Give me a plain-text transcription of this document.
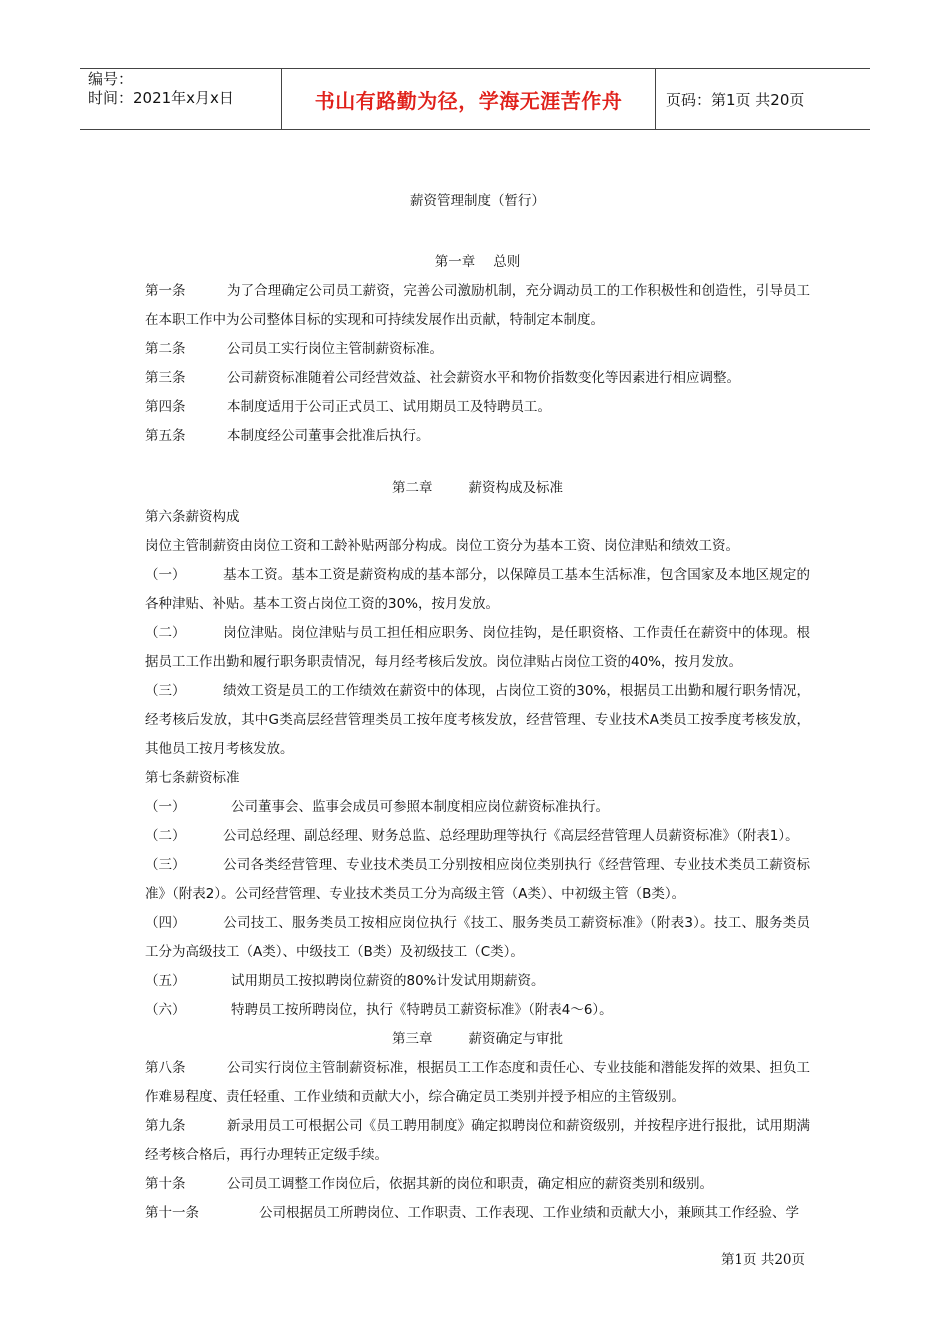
编号：
时间：2021年x月x日	书山有路勤为径，学海无涯苦作舟	页码：第1页 共20页
薪资管理制度（暂行）
第一章 总则
第一条	为了合理确定公司员工薪资，完善公司激励机制，充分调动员工的工作积极性和创造性，引导员工在本职工作中为公司整体目标的实现和可持续发展作出贡献，特制定本制度。
第二条	公司员工实行岗位主管制薪资标准。
第三条	公司薪资标准随着公司经营效益、社会薪资水平和物价指数变化等因素进行相应调整。
第四条	本制度适用于公司正式员工、试用期员工及特聘员工。
第五条	本制度经公司董事会批准后执行。
第二章	薪资构成及标准
第六条薪资构成
岗位主管制薪资由岗位工资和工龄补贴两部分构成。岗位工资分为基本工资、岗位津贴和绩效工资。
（一）	基本工资。基本工资是薪资构成的基本部分，以保障员工基本生活标准，包含国家及本地区规定的各种津贴、补贴。基本工资占岗位工资的30%，按月发放。
（二）	岗位津贴。岗位津贴与员工担任相应职务、岗位挂钩，是任职资格、工作责任在薪资中的体现。根据员工工作出勤和履行职务职责情况，每月经考核后发放。岗位津贴占岗位工资的40%，按月发放。
（三）	绩效工资是员工的工作绩效在薪资中的体现，占岗位工资的30%，根据员工出勤和履行职务情况，经考核后发放，其中G类高层经营管理类员工按年度考核发放，经营管理、专业技术A类员工按季度考核发放，其他员工按月考核发放。
第七条薪资标准
（一）	公司董事会、监事会成员可参照本制度相应岗位薪资标准执行。
（二）	公司总经理、副总经理、财务总监、总经理助理等执行《高层经营管理人员薪资标准》（附表1）。
（三）	公司各类经营管理、专业技术类员工分别按相应岗位类别执行《经营管理、专业技术类员工薪资标准》（附表2）。公司经营管理、专业技术类员工分为高级主管（A类）、中初级主管（B类）。
（四）	公司技工、服务类员工按相应岗位执行《技工、服务类员工薪资标准》（附表3）。技工、服务类员工分为高级技工（A类）、中级技工（B类）及初级技工（C类）。
（五）	试用期员工按拟聘岗位薪资的80%计发试用期薪资。
（六）	特聘员工按所聘岗位，执行《特聘员工薪资标准》（附表4～6）。
第三章	薪资确定与审批
第八条	公司实行岗位主管制薪资标准，根据员工工作态度和责任心、专业技能和潜能发挥的效果、担负工作难易程度、责任轻重、工作业绩和贡献大小，综合确定员工类别并授予相应的主管级别。
第九条	新录用员工可根据公司《员工聘用制度》确定拟聘岗位和薪资级别，并按程序进行报批，试用期满经考核合格后，再行办理转正定级手续。
第十条	公司员工调整工作岗位后，依据其新的岗位和职责，确定相应的薪资类别和级别。
第十一条	公司根据员工所聘岗位、工作职责、工作表现、工作业绩和贡献大小，兼顾其工作经验、学
第1页 共20页
